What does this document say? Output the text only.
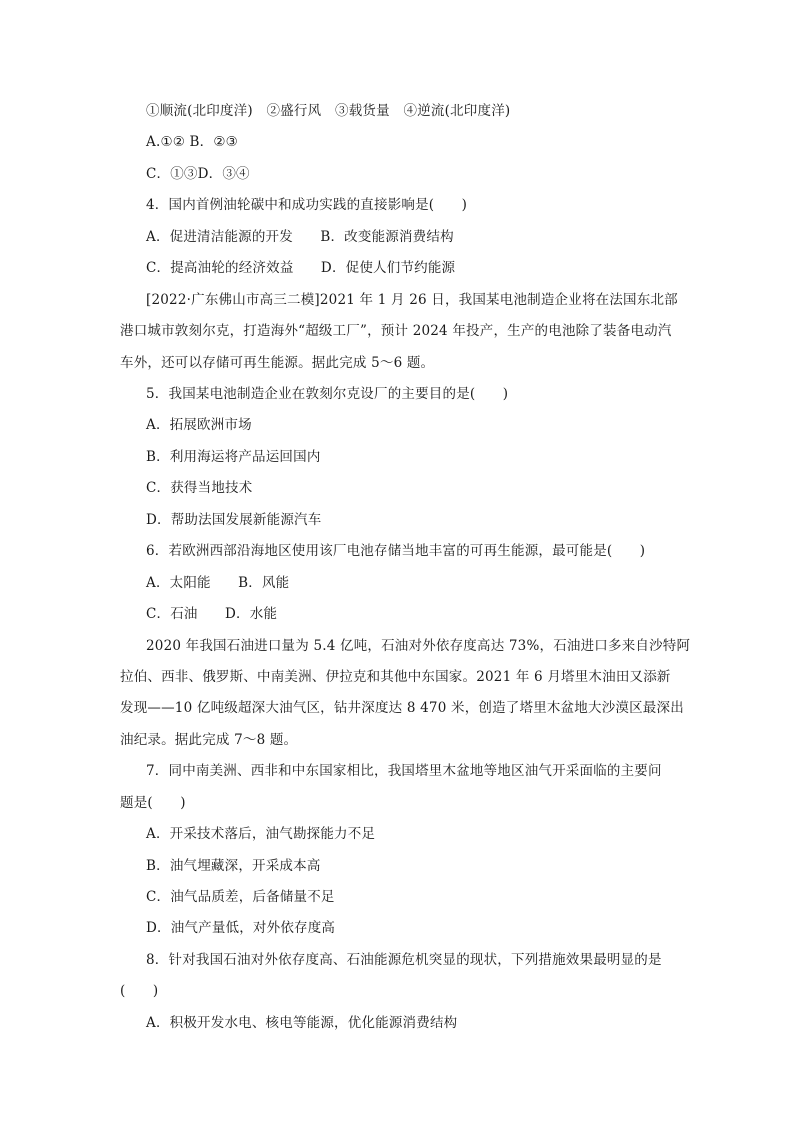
①顺流(北印度洋)　②盛行风　③载货量　④逆流(北印度洋)
A.①② B．②③
C．①③D．③④
4．国内首例油轮碳中和成功实践的直接影响是(　　)
A．促进清洁能源的开发　　B．改变能源消费结构
C．提高油轮的经济效益　　D．促使人们节约能源
[2022·广东佛山市高三二模]2021 年 1 月 26 日，我国某电池制造企业将在法国东北部
港口城市敦刻尔克，打造海外“超级工厂”，预计 2024 年投产，生产的电池除了装备电动汽
车外，还可以存储可再生能源。据此完成 5～6 题。
5．我国某电池制造企业在敦刻尔克设厂的主要目的是(　　)
A．拓展欧洲市场
B．利用海运将产品运回国内
C．获得当地技术
D．帮助法国发展新能源汽车
6．若欧洲西部沿海地区使用该厂电池存储当地丰富的可再生能源，最可能是(　　)
A．太阳能　　B．风能
C．石油　　D．水能
2020 年我国石油进口量为 5.4 亿吨，石油对外依存度高达 73%，石油进口多来自沙特阿
拉伯、西非、俄罗斯、中南美洲、伊拉克和其他中东国家。2021 年 6 月塔里木油田又添新
发现——10 亿吨级超深大油气区，钻井深度达 8 470 米，创造了塔里木盆地大沙漠区最深出
油纪录。据此完成 7～8 题。
7．同中南美洲、西非和中东国家相比，我国塔里木盆地等地区油气开采面临的主要问
题是(　　)
A．开采技术落后，油气勘探能力不足
B．油气埋藏深，开采成本高
C．油气品质差，后备储量不足
D．油气产量低，对外依存度高
8．针对我国石油对外依存度高、石油能源危机突显的现状，下列措施效果最明显的是
(　　)
A．积极开发水电、核电等能源，优化能源消费结构
